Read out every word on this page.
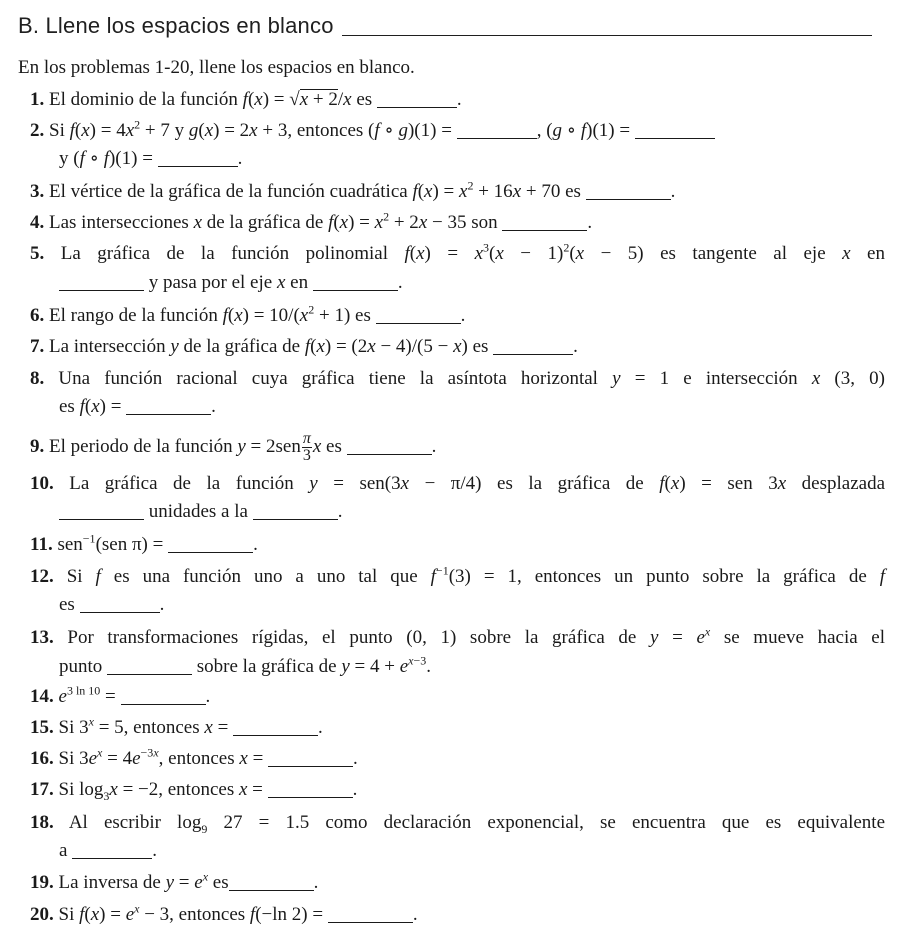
B. Llene los espacios en blanco
En los problemas 1-20, llene los espacios en blanco.
1. El dominio de la función f(x) = √x + 2/x es	.
2. Si $f(x) = 4x^2 + 7$ y g(x) = 2x + 3, entonces (f ∘ g)(1) =	, (g ∘ f)(1) =
y (f ∘ f)(1) =	.
3. El vértice de la gráfica de la función cuadrática $f(x) = x^2 + 16x + 70$ es	.
4. Las intersecciones x de la gráfica de $f(x) = x^2 + 2x - 35$ son	.
5. La gráfica de la función polinomial $f(x) = x^3(x - 1)^2(x - 5)$ es tangente al eje x en
y pasa por el eje x en	.
6. El rango de la función $f(x) = 10/(x^2 + 1)$ es	.
7. La intersección y de la gráfica de f(x) = (2x − 4)/(5 − x) es	.
8. Una función racional cuya gráfica tiene la asíntota horizontal y = 1 e intersección x (3, 0)
es f(x) =	.
9. El periodo de la función $y = 2sen \frac{\pi}{3}$ x es	.
10. La gráfica de la función y = sen(3x − π/4) es la gráfica de f(x) = sen 3x desplazada
unidades a la	.
11. sen$^{-1}$(sen π) =	.
12. Si f es una función uno a uno tal que $f^{-1}(3) = 1$, entonces un punto sobre la gráfica de f
es	.
13. Por transformaciones rígidas, el punto (0, 1) sobre la gráfica de $y = e^x$ se mueve hacia el
punto	sobre la gráfica de $y = 4 + e^{x-3}$.
14. $e^{3 ln 10}$ =	.
15. Si $3^x = 5$, entonces x =	.
16. Si $3e^x = 4e^{-3x}$, entonces x =	.
17. Si $\log_3x = -2$, entonces x =	.
18. Al escribir $\log_9 27 = 1.5$ como declaración exponencial, se encuentra que es equivalente
a	.
19. La inversa de $y = e^x$ es	.
20. Si $f(x) = e^x - 3$, entonces f(−ln 2) =	.
